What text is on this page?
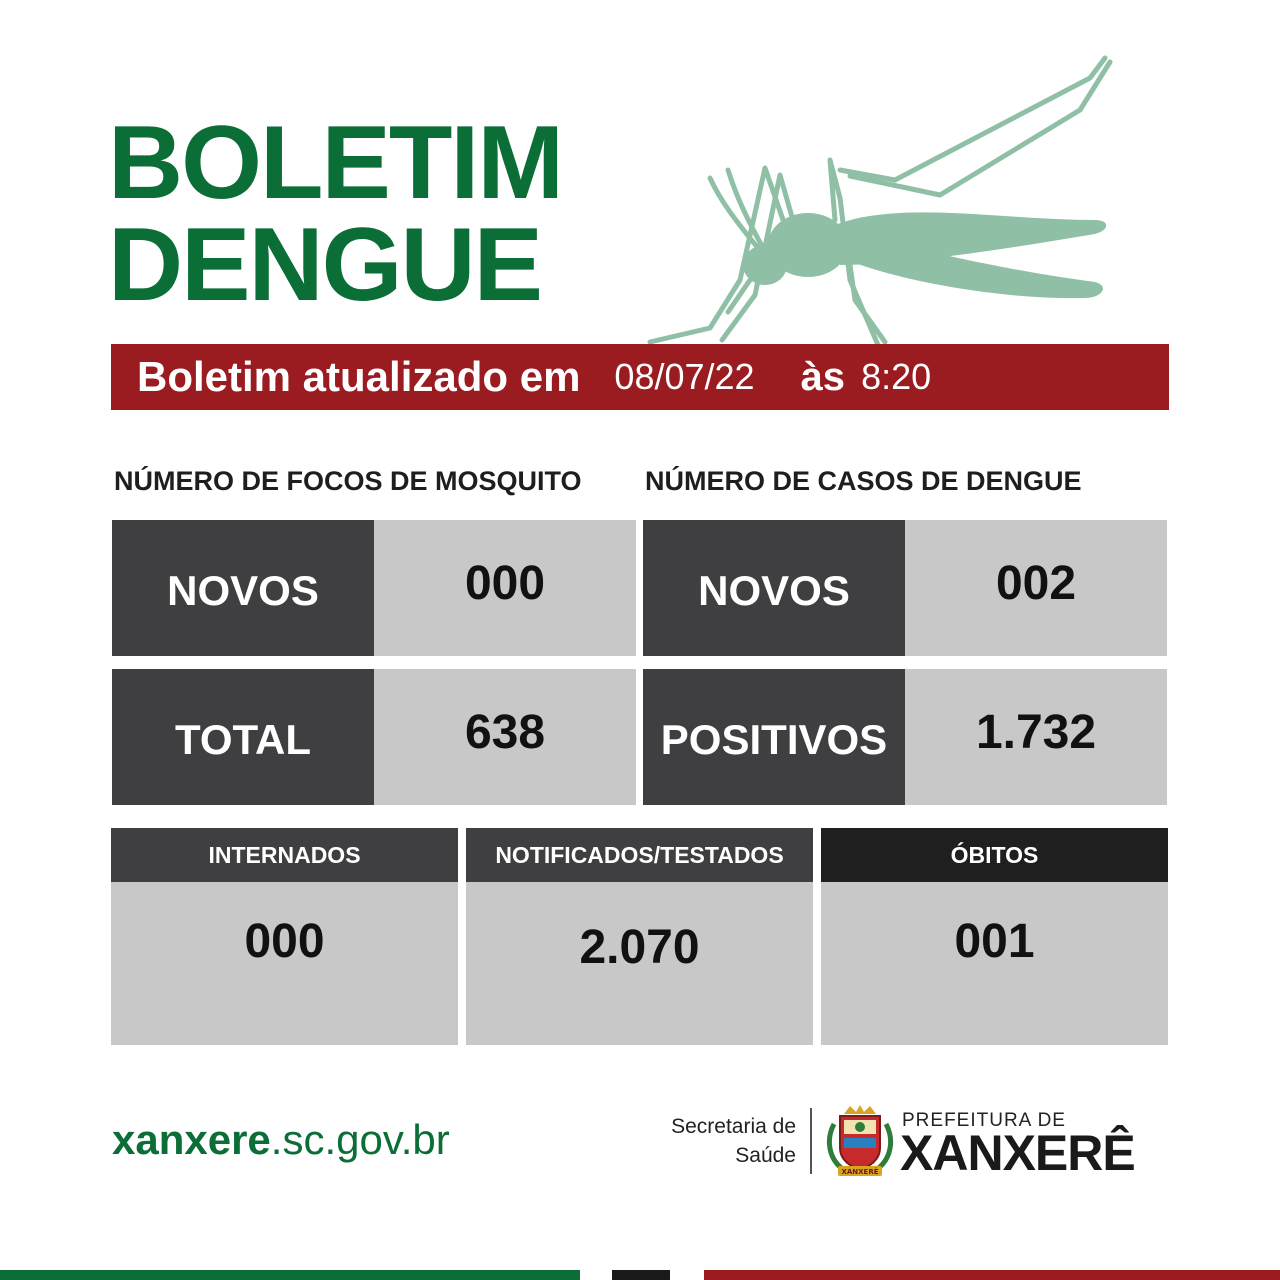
BOLETIM
DENGUE
Boletim atualizado em 08/07/22 às 8:20
NÚMERO DE FOCOS DE MOSQUITO NÚMERO DE CASOS DE DENGUE
NOVOS	000
TOTAL	638
NOVOS	002
POSITIVOS	1.732
INTERNADOS
000
NOTIFICADOS/TESTADOS
2.070
ÓBITOS
001
xanxere.sc.gov.br	Secretaria de
Saúde
XANXERÊ
PREFEITURA DE
XANXERÊ
